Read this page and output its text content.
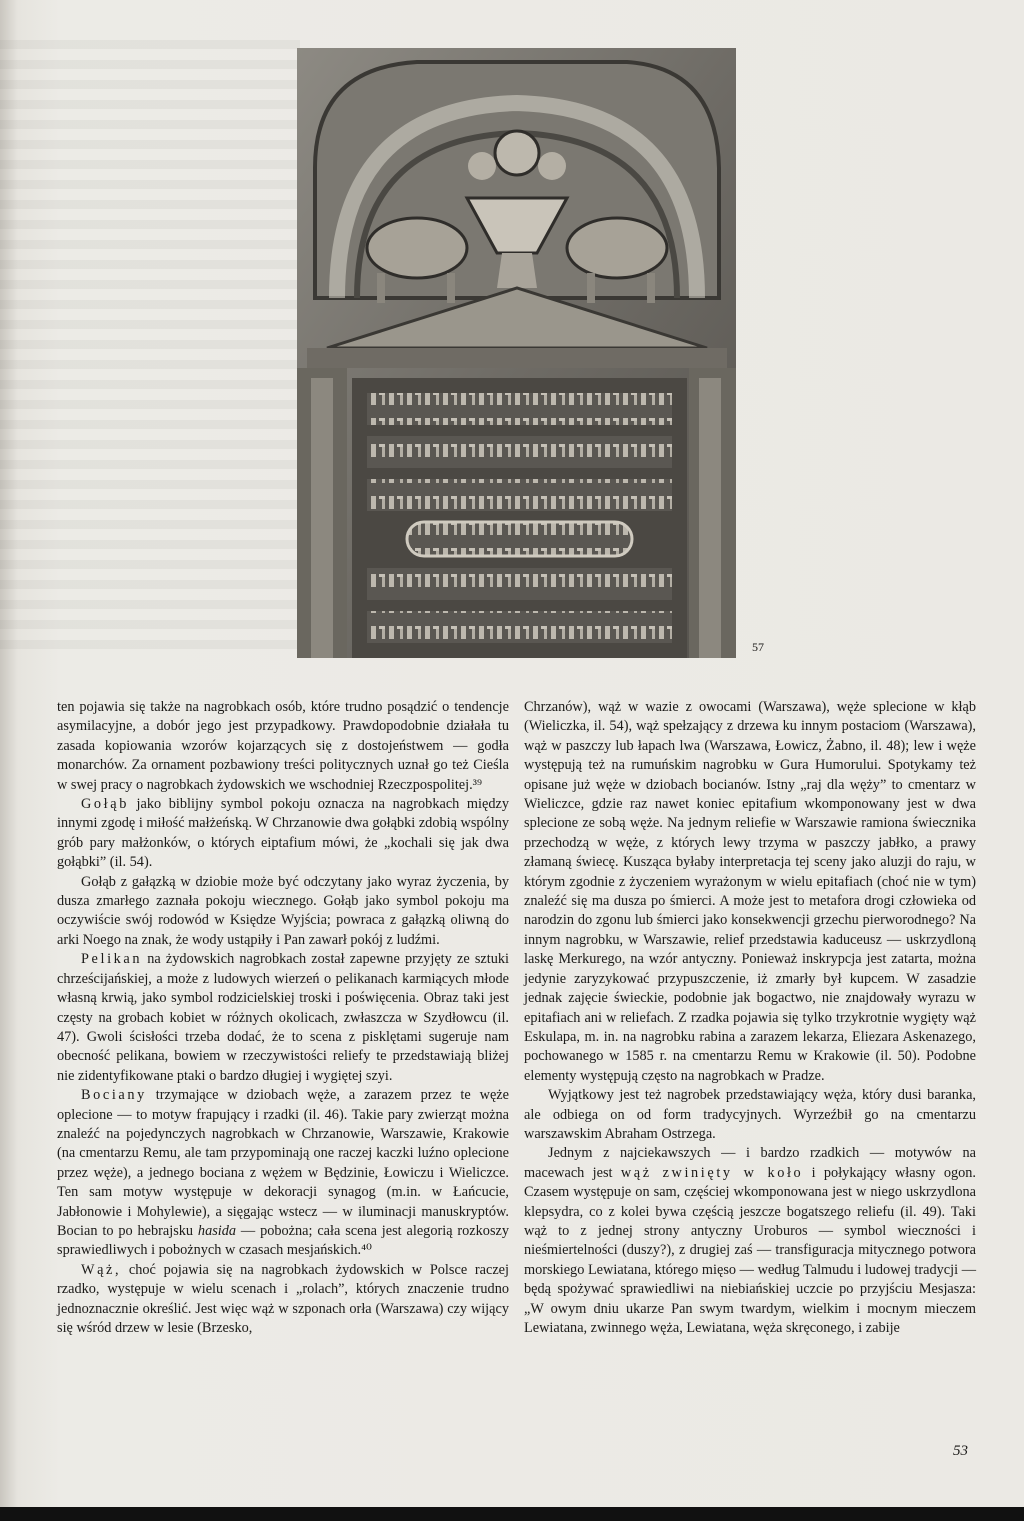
57

ten pojawia się także na nagrobkach osób, które trudno posądzić o tendencje asymilacyjne, a dobór jego jest przypadkowy. Prawdopodobnie działała tu zasada kopiowania wzorów kojarzących się z dostojeństwem — godła monarchów. Za ornament pozbawiony treści politycznych uznał go też Cieśla w swej pracy o nagrobkach żydowskich we wschodniej Rzeczpospolitej.³⁹

Gołąb jako biblijny symbol pokoju oznacza na nagrobkach między innymi zgodę i miłość małżeńską. W Chrzanowie dwa gołąbki zdobią wspólny grób pary małżonków, o których eiptafium mówi, że „kochali się jak dwa gołąbki” (il. 54).

Gołąb z gałązką w dziobie może być odczytany jako wyraz życzenia, by dusza zmarłego zaznała pokoju wiecznego. Gołąb jako symbol pokoju ma oczywiście swój rodowód w Księdze Wyjścia; powraca z gałązką oliwną do arki Noego na znak, że wody ustąpiły i Pan zawarł pokój z ludźmi.

Pelikan na żydowskich nagrobkach został zapewne przyjęty ze sztuki chrześcijańskiej, a może z ludowych wierzeń o pelikanach karmiących młode własną krwią, jako symbol rodzicielskiej troski i poświęcenia. Obraz taki jest częsty na grobach kobiet w różnych okolicach, zwłaszcza w Szydłowcu (il. 47). Gwoli ścisłości trzeba dodać, że to scena z pisklętami sugeruje nam obecność pelikana, bowiem w rzeczywistości reliefy te przedstawiają bliżej nie zidentyfikowane ptaki o bardzo długiej i wygiętej szyi.

Bociany trzymające w dziobach węże, a zarazem przez te węże oplecione — to motyw frapujący i rzadki (il. 46). Takie pary zwierząt można znaleźć na pojedynczych nagrobkach w Chrzanowie, Warszawie, Krakowie (na cmentarzu Remu, ale tam przypominają one raczej kaczki luźno oplecione przez węże), a jednego bociana z wężem w Będzinie, Łowiczu i Wieliczce. Ten sam motyw występuje w dekoracji synagog (m.in. w Łańcucie, Jabłonowie i Mohylewie), a sięgając wstecz — w iluminacji manuskryptów. Bocian to po hebrajsku hasida — pobożna; cała scena jest alegorią rozkoszy sprawiedliwych i pobożnych w czasach mesjańskich.⁴⁰

Wąż, choć pojawia się na nagrobkach żydowskich w Polsce raczej rzadko, występuje w wielu scenach i „rolach”, których znaczenie trudno jednoznacznie określić. Jest więc wąż w szponach orła (Warszawa) czy wijący się wśród drzew w lesie (Brzesko,

Chrzanów), wąż w wazie z owocami (Warszawa), węże splecione w kłąb (Wieliczka, il. 54), wąż spełzający z drzewa ku innym postaciom (Warszawa), wąż w paszczy lub łapach lwa (Warszawa, Łowicz, Żabno, il. 48); lew i węże występują też na rumuńskim nagrobku w Gura Humorului. Spotykamy też opisane już węże w dziobach bocianów. Istny „raj dla węży” to cmentarz w Wieliczce, gdzie raz nawet koniec epitafium wkomponowany jest w dwa splecione ze sobą węże. Na jednym reliefie w Warszawie ramiona świecznika przechodzą w węże, z których lewy trzyma w paszczy jabłko, a prawy złamaną świecę. Kusząca byłaby interpretacja tej sceny jako aluzji do raju, w którym zgodnie z życzeniem wyrażonym w wielu epitafiach (choć nie w tym) znaleźć się ma dusza po śmierci. A może jest to metafora drogi człowieka od narodzin do zgonu lub śmierci jako konsekwencji grzechu pierworodnego? Na innym nagrobku, w Warszawie, relief przedstawia kaduceusz — uskrzydloną laskę Merkurego, na wzór antyczny. Ponieważ inskrypcja jest zatarta, można jedynie zaryzykować przypuszczenie, iż zmarły był kupcem. W zasadzie jednak zajęcie świeckie, podobnie jak bogactwo, nie znajdowały wyrazu w epitafiach ani w reliefach. Z rzadka pojawia się tylko trzykrotnie wygięty wąż Eskulapa, m. in. na nagrobku rabina a zarazem lekarza, Eliezara Askenazego, pochowanego w 1585 r. na cmentarzu Remu w Krakowie (il. 50). Podobne elementy występują często na nagrobkach w Pradze.

Wyjątkowy jest też nagrobek przedstawiający węża, który dusi baranka, ale odbiega on od form tradycyjnych. Wyrzeźbił go na cmentarzu warszawskim Abraham Ostrzega.

Jednym z najciekawszych — i bardzo rzadkich — motywów na macewach jest wąż zwinięty w koło i połykający własny ogon. Czasem występuje on sam, częściej wkomponowana jest w niego uskrzydlona klepsydra, co z kolei bywa częścią jeszcze bogatszego reliefu (il. 49). Taki wąż to z jednej strony antyczny Uroburos — symbol wieczności i nieśmiertelności (duszy?), z drugiej zaś — transfiguracja mitycznego potwora morskiego Lewiatana, którego mięso — według Talmudu i ludowej tradycji — będą spożywać sprawiedliwi na niebiańskiej uczcie po przyjściu Mesjasza: „W owym dniu ukarze Pan swym twardym, wielkim i mocnym mieczem Lewiatana, zwinnego węża, Lewiatana, węża skręconego, i zabije

53
